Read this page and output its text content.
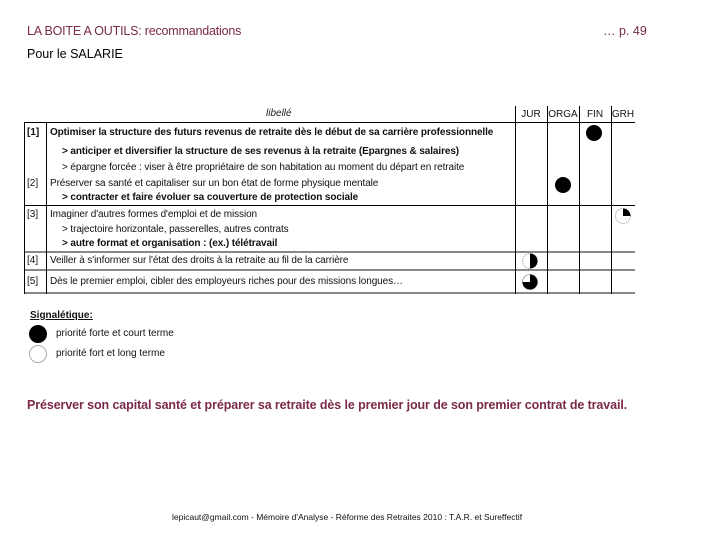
LA BOITE A OUTILS: recommandations	… p. 49
Pour le SALARIE
libellé	JUR ORGA FIN GRH
[1] Optimiser la structure des futurs revenus de retraite dès le début de sa carrière professionnelle
> anticiper et diversifier la structure de ses revenus à la retraite (Epargnes & salaires)
> épargne forcée : viser à être propriétaire de son habitation au moment du départ en retraite
[2] Préserver sa santé et capitaliser sur un bon état de forme physique mentale
> contracter et faire évoluer sa couverture de protection sociale
[3] Imaginer d'autres formes d'emploi et de mission
> trajectoire horizontale, passerelles, autres contrats
> autre format et organisation : (ex.) télétravail
[4] Veiller à s'informer sur l'état des droits à la retraite au fil de la carrière
[5] Dès le premier emploi, cibler des employeurs riches pour des missions longues…
Signalétique:
priorité forte et court terme
priorité fort et long terme
Préserver son capital santé et préparer sa retraite dès le premier jour de son premier contrat de travail.
lepicaut@gmail.com - Mémoire d'Analyse - Réforme des Retraites 2010 : T.A.R. et Sureffectif
